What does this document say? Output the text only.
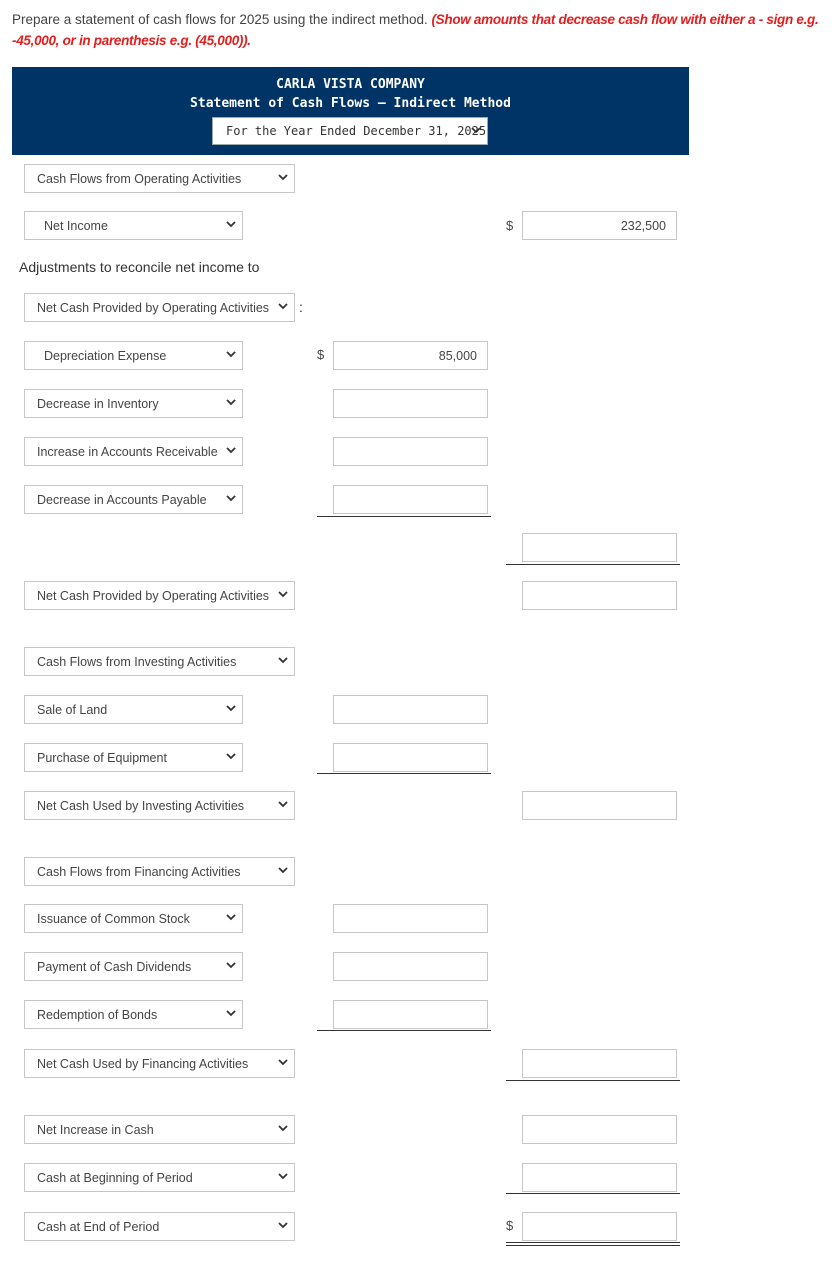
Prepare a statement of cash flows for 2025 using the indirect method. (Show amounts that decrease cash flow with either a - sign e.g. -45,000, or in parenthesis e.g. (45,000)).
CARLA VISTA COMPANY
Statement of Cash Flows – Indirect Method
For the Year Ended December 31, 2025
Cash Flows from Operating Activities
Net Income	$	232,500
Adjustments to reconcile net income to
Net Cash Provided by Operating Activities :
Depreciation Expense	$	85,000
Decrease in Inventory
Increase in Accounts Receivable
Decrease in Accounts Payable
Net Cash Provided by Operating Activities
Cash Flows from Investing Activities
Sale of Land
Purchase of Equipment
Net Cash Used by Investing Activities
Cash Flows from Financing Activities
Issuance of Common Stock
Payment of Cash Dividends
Redemption of Bonds
Net Cash Used by Financing Activities
Net Increase in Cash
Cash at Beginning of Period
Cash at End of Period	$
